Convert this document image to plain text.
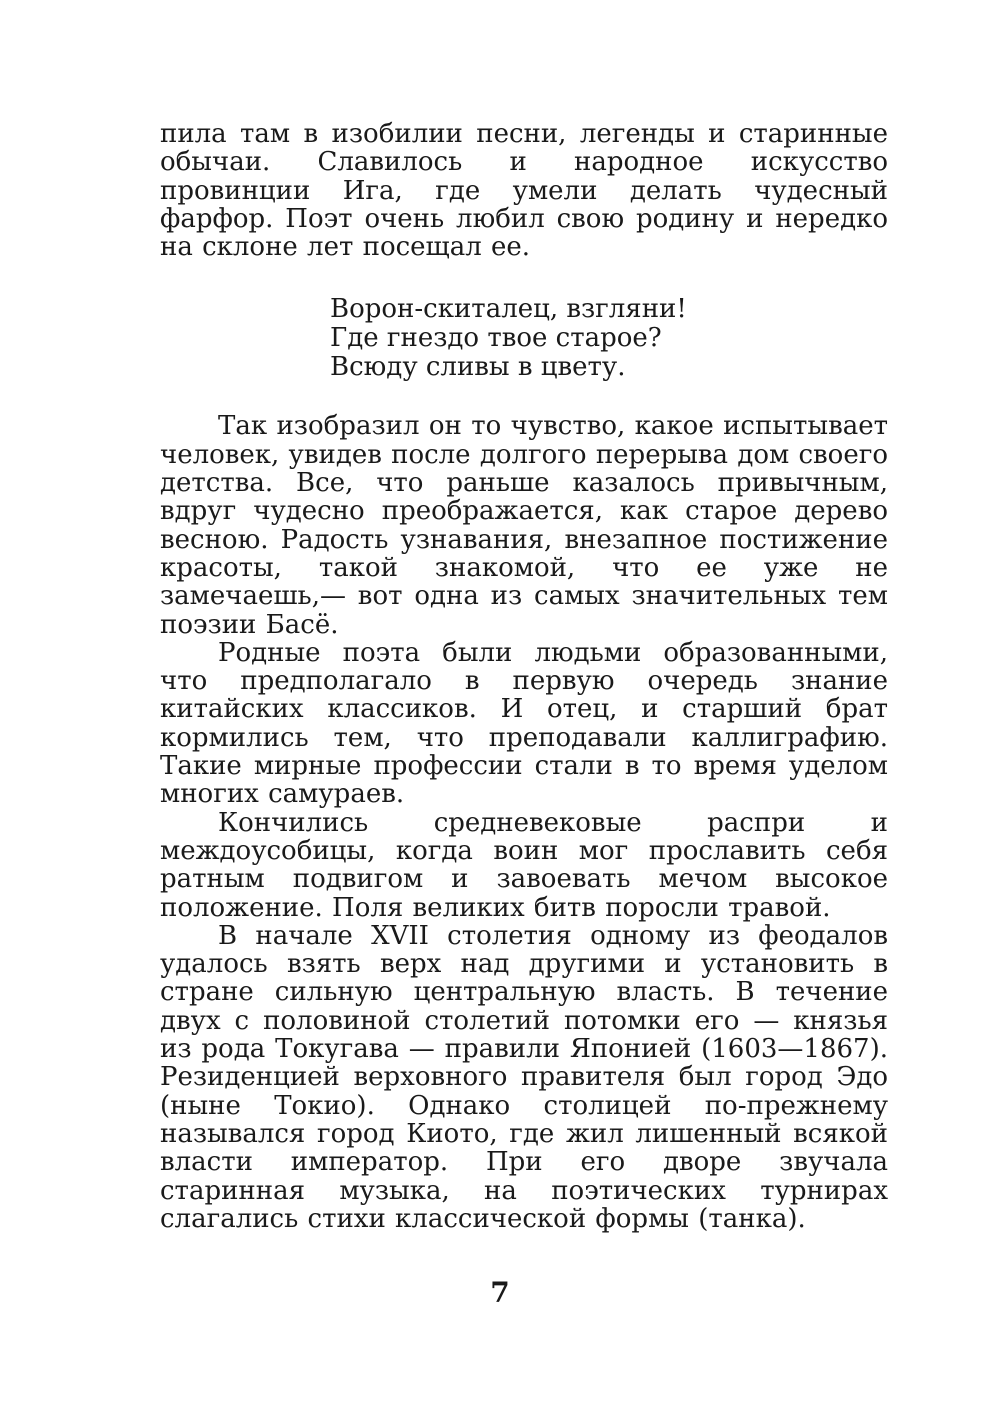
пила там в изобилии песни, легенды и старинные обычаи. Славилось и народное искусство провинции Ига, где умели делать чудесный фарфор. Поэт очень любил свою родину и нередко на склоне лет посещал ее.

Ворон-скиталец, взгляни!
Где гнездо твое старое?
Всюду сливы в цвету.

Так изобразил он то чувство, какое испытывает человек, увидев после долгого перерыва дом своего детства. Все, что раньше казалось привычным, вдруг чудесно преображается, как старое дерево весною. Радость узнавания, внезапное постижение красоты, такой знакомой, что ее уже не замечаешь,— вот одна из самых значительных тем поэзии Басё.

Родные поэта были людьми образованными, что предполагало в первую очередь знание китайских классиков. И отец, и старший брат кормились тем, что преподавали каллиграфию. Такие мирные профессии стали в то время уделом многих самураев.

Кончились средневековые распри и междоусобицы, когда воин мог прославить себя ратным подвигом и завоевать мечом высокое положение. Поля великих битв поросли травой.

В начале XVII столетия одному из феодалов удалось взять верх над другими и установить в стране сильную центральную власть. В течение двух с половиной столетий потомки его — князья из рода Токугава — правили Японией (1603—1867). Резиденцией верховного правителя был город Эдо (ныне Токио). Однако столицей по-прежнему назывался город Киото, где жил лишенный всякой власти император. При его дворе звучала старинная музыка, на поэтических турнирах слагались стихи классической формы (танка).

7
